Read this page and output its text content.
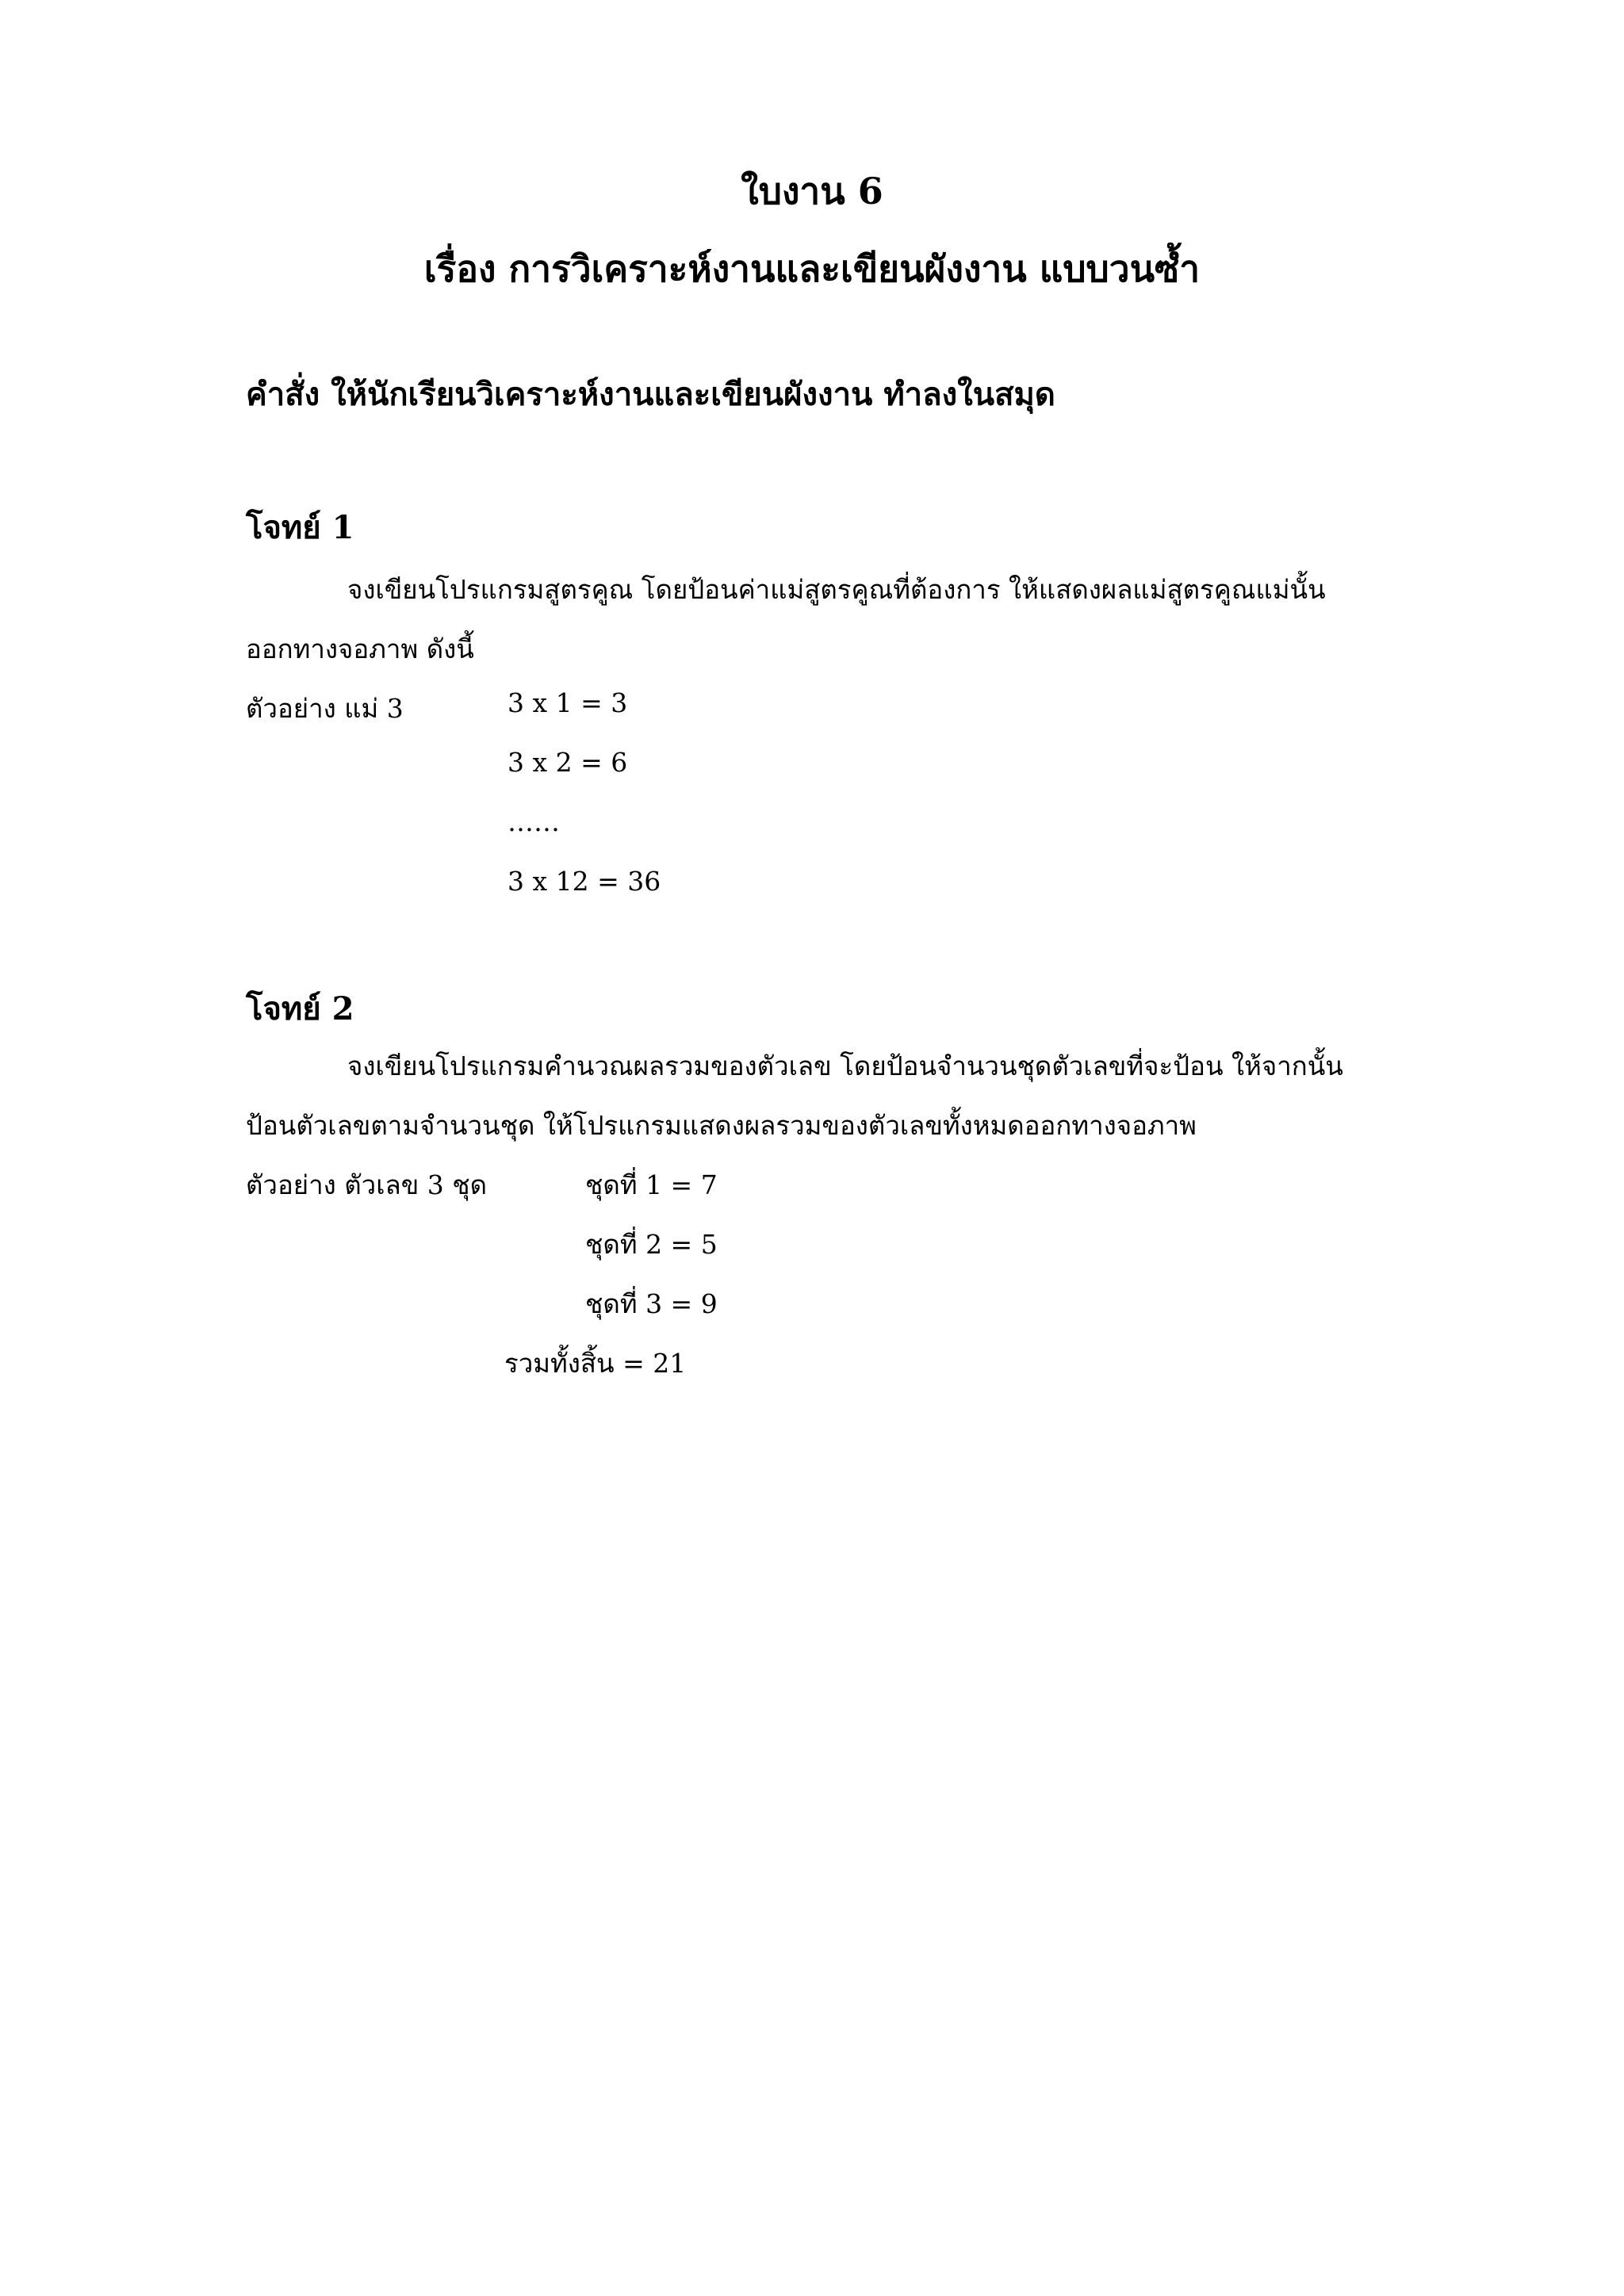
ใบงาน 6
เรื่อง การวิเคราะห์งานและเขียนผังงาน แบบวนซ้ำ
คำสั่ง ให้นักเรียนวิเคราะห์งานและเขียนผังงาน ทำลงในสมุด
โจทย์ 1
จงเขียนโปรแกรมสูตรคูณ โดยป้อนค่าแม่สูตรคูณที่ต้องการ ให้แสดงผลแม่สูตรคูณแม่นั้น
ออกทางจอภาพ ดังนี้
ตัวอย่าง แม่ 3	3 x 1 = 3
3 x 2 = 6
……
3 x 12 = 36
โจทย์ 2
จงเขียนโปรแกรมคำนวณผลรวมของตัวเลข โดยป้อนจำนวนชุดตัวเลขที่จะป้อน ให้จากนั้น
ป้อนตัวเลขตามจำนวนชุด ให้โปรแกรมแสดงผลรวมของตัวเลขทั้งหมดออกทางจอภาพ
ตัวอย่าง ตัวเลข 3 ชุด	ชุดที่ 1 = 7
ชุดที่ 2 = 5
ชุดที่ 3 = 9
รวมทั้งสิ้น = 21
